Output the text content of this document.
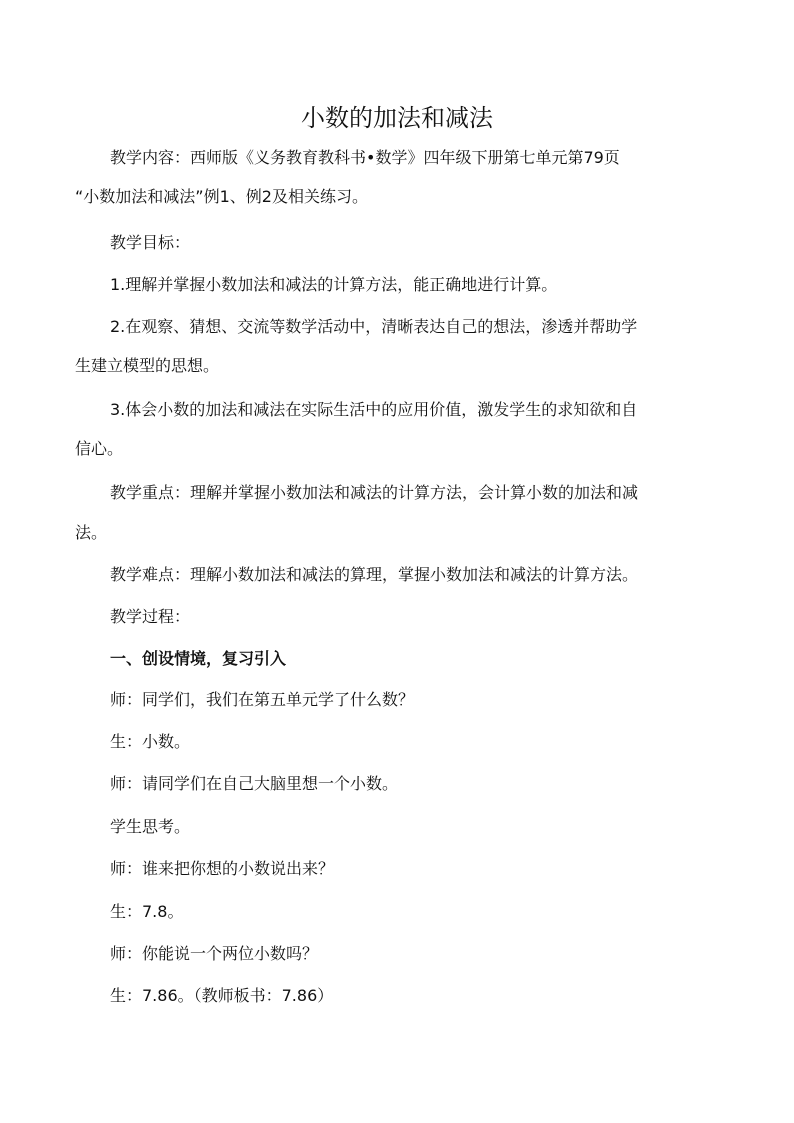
小数的加法和减法
教学内容：西师版《义务教育教科书•数学》四年级下册第七单元第79页
“小数加法和减法”例1、例2及相关练习。
教学目标：
1.理解并掌握小数加法和减法的计算方法，能正确地进行计算。
2.在观察、猜想、交流等数学活动中，清晰表达自己的想法，渗透并帮助学
生建立模型的思想。
3.体会小数的加法和减法在实际生活中的应用价值，激发学生的求知欲和自
信心。
教学重点：理解并掌握小数加法和减法的计算方法，会计算小数的加法和减
法。
教学难点：理解小数加法和减法的算理，掌握小数加法和减法的计算方法。
教学过程：
一、创设情境，复习引入
师：同学们，我们在第五单元学了什么数？
生：小数。
师：请同学们在自己大脑里想一个小数。
学生思考。
师：谁来把你想的小数说出来？
生：7.8。
师：你能说一个两位小数吗？
生：7.86。（教师板书：7.86）
